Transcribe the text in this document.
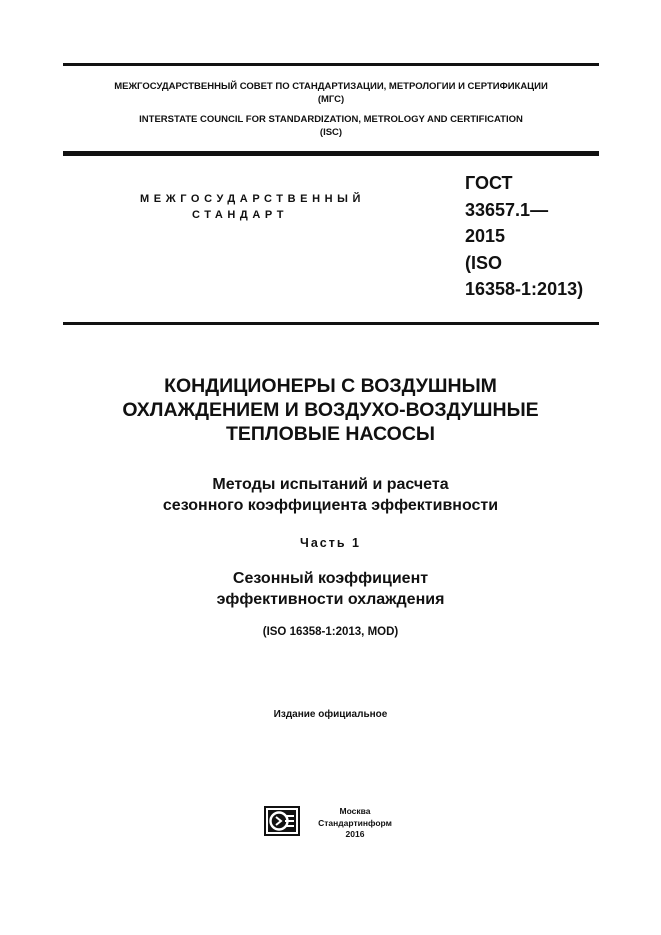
МЕЖГОСУДАРСТВЕННЫЙ СОВЕТ ПО СТАНДАРТИЗАЦИИ, МЕТРОЛОГИИ И СЕРТИФИКАЦИИ
(МГС)
INTERSTATE COUNCIL FOR STANDARDIZATION, METROLOGY AND CERTIFICATION
(ISC)
МЕЖГОСУДАРСТВЕННЫЙ
СТАНДАРТ
ГОСТ
33657.1—
2015
(ISO
16358-1:2013)
КОНДИЦИОНЕРЫ С ВОЗДУШНЫМ
ОХЛАЖДЕНИЕМ И ВОЗДУХО-ВОЗДУШНЫЕ
ТЕПЛОВЫЕ НАСОСЫ
Методы испытаний и расчета
сезонного коэффициента эффективности
Часть 1
Сезонный коэффициент
эффективности охлаждения
(ISO 16358-1:2013, MOD)
Издание официальное
Москва
Стандартинформ
2016
